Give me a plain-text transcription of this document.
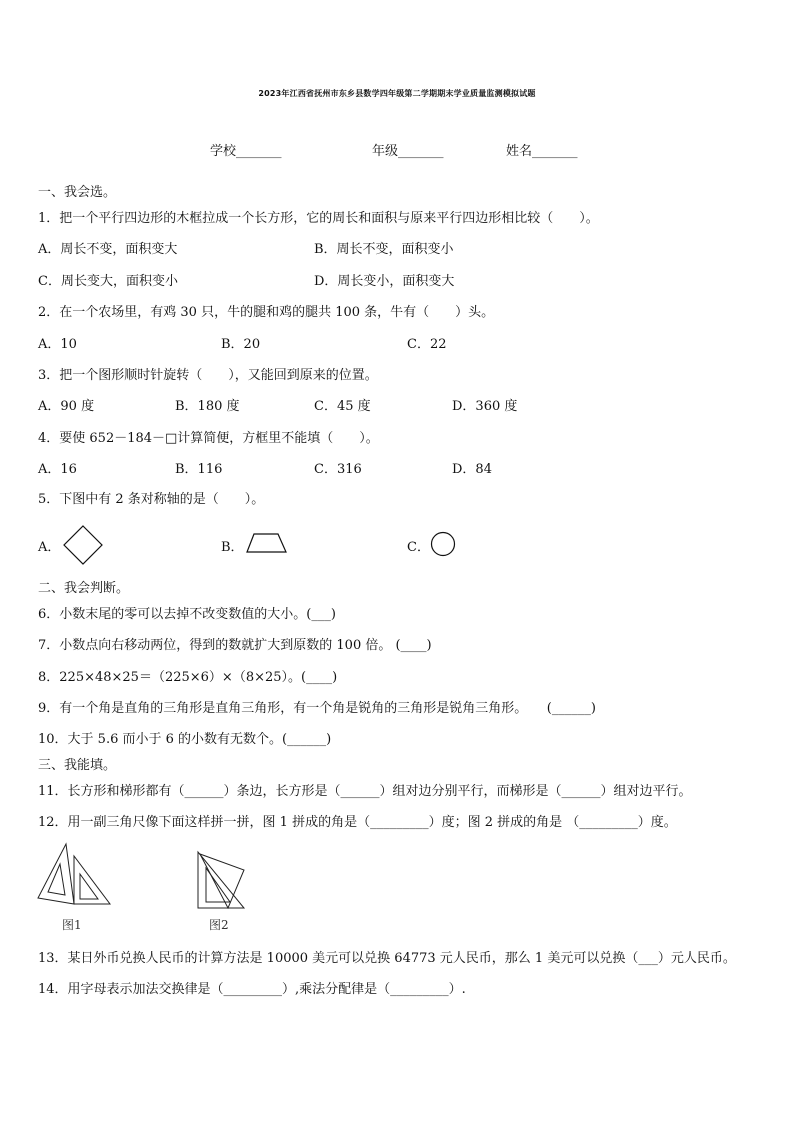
2023年江西省抚州市东乡县数学四年级第二学期期末学业质量监测模拟试题
学校_______	年级_______	姓名_______
一、我会选。
1．把一个平行四边形的木框拉成一个长方形，它的周长和面积与原来平行四边形相比较（　　）。
A．周长不变，面积变大	B．周长不变，面积变小
C．周长变大，面积变小	D．周长变小，面积变大
2．在一个农场里，有鸡 30 只，牛的腿和鸡的腿共 100 条，牛有（　　）头。
A．10	B．20	C．22
3．把一个图形顺时针旋转（　　），又能回到原来的位置。
A．90 度	B．180 度	C．45 度	D．360 度
4．要使 652－184－□计算简便，方框里不能填（　　）。
A．16	B．116	C．316	D．84
5．下图中有 2 条对称轴的是（　　）。
A．	B．	C．
二、我会判断。
6．小数末尾的零可以去掉不改变数值的大小。(___)
7．小数点向右移动两位，得到的数就扩大到原数的 100 倍。 (____)
8．225×48×25＝（225×6）×（8×25）。(____)
9．有一个角是直角的三角形是直角三角形，有一个角是锐角的三角形是锐角三角形。　　(______)
10．大于 5.6 而小于 6 的小数有无数个。(______)
三、我能填。
11．长方形和梯形都有（______）条边，长方形是（______）组对边分别平行，而梯形是（______）组对边平行。
12．用一副三角尺像下面这样拼一拼，图 1 拼成的角是（_________）度；图 2 拼成的角是 （_________）度。
图1	图2
13．某日外币兑换人民币的计算方法是 10000 美元可以兑换 64773 元人民币，那么 1 美元可以兑换（___）元人民币。
14．用字母表示加法交换律是（_________）,乘法分配律是（_________）.
